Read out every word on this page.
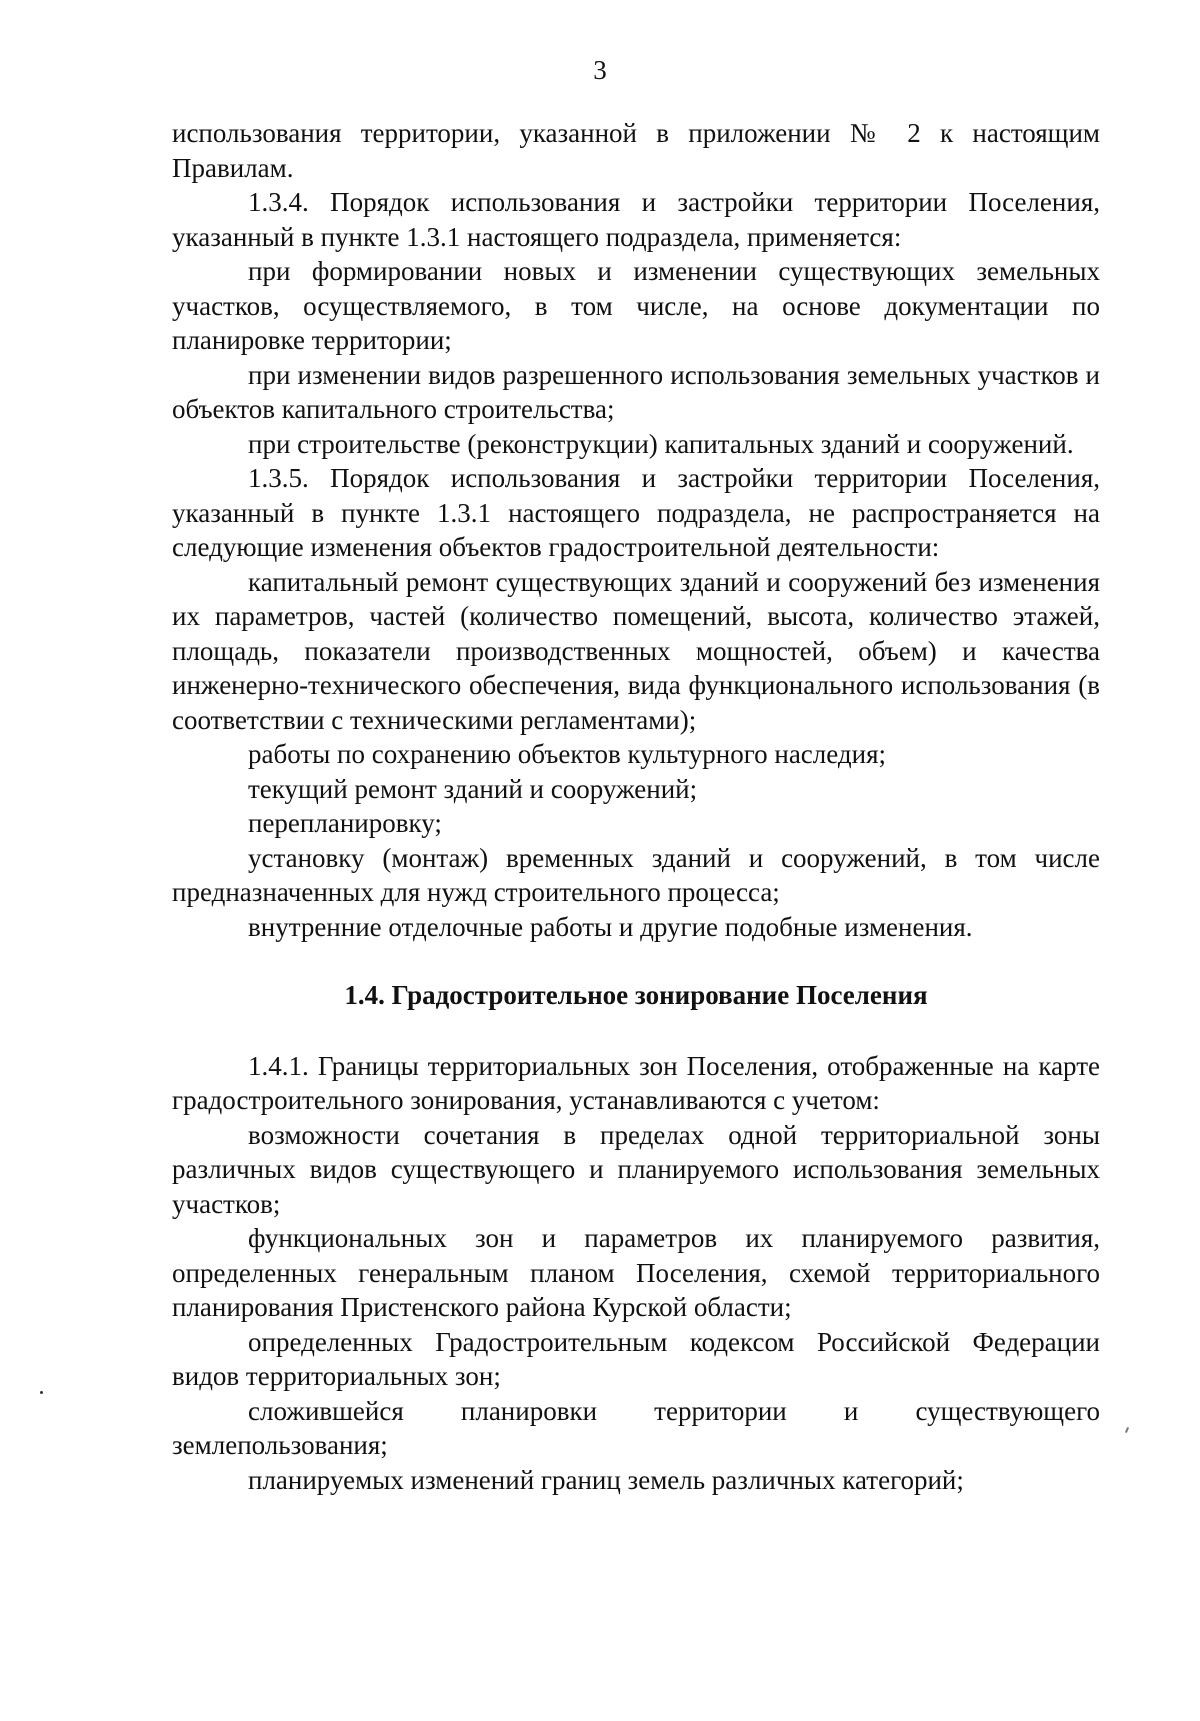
3

использования территории, указанной в приложении № 2 к настоящим Правилам.

1.3.4. Порядок использования и застройки территории Поселения, указанный в пункте 1.3.1 настоящего подраздела, применяется:

при формировании новых и изменении существующих земельных участков, осуществляемого, в том числе, на основе документации по планировке территории;

при изменении видов разрешенного использования земельных участков и объектов капитального строительства;

при строительстве (реконструкции) капитальных зданий и сооружений.

1.3.5. Порядок использования и застройки территории Поселения, указанный в пункте 1.3.1 настоящего подраздела, не распространяется на следующие изменения объектов градостроительной деятельности:

капитальный ремонт существующих зданий и сооружений без изменения их параметров, частей (количество помещений, высота, количество этажей, площадь, показатели производственных мощностей, объем) и качества инженерно-технического обеспечения, вида функционального использования (в соответствии с техническими регламентами);

работы по сохранению объектов культурного наследия;

текущий ремонт зданий и сооружений;

перепланировку;

установку (монтаж) временных зданий и сооружений, в том числе предназначенных для нужд строительного процесса;

внутренние отделочные работы и другие подобные изменения.

1.4. Градостроительное зонирование Поселения

1.4.1. Границы территориальных зон Поселения, отображенные на карте градостроительного зонирования, устанавливаются с учетом:

возможности сочетания в пределах одной территориальной зоны различных видов существующего и планируемого использования земельных участков;

функциональных зон и параметров их планируемого развития, определенных генеральным планом Поселения, схемой территориального планирования Пристенского района Курской области;

определенных Градостроительным кодексом Российской Федерации видов территориальных зон;

сложившейся планировки территории и существующего землепользования;

планируемых изменений границ земель различных категорий;
